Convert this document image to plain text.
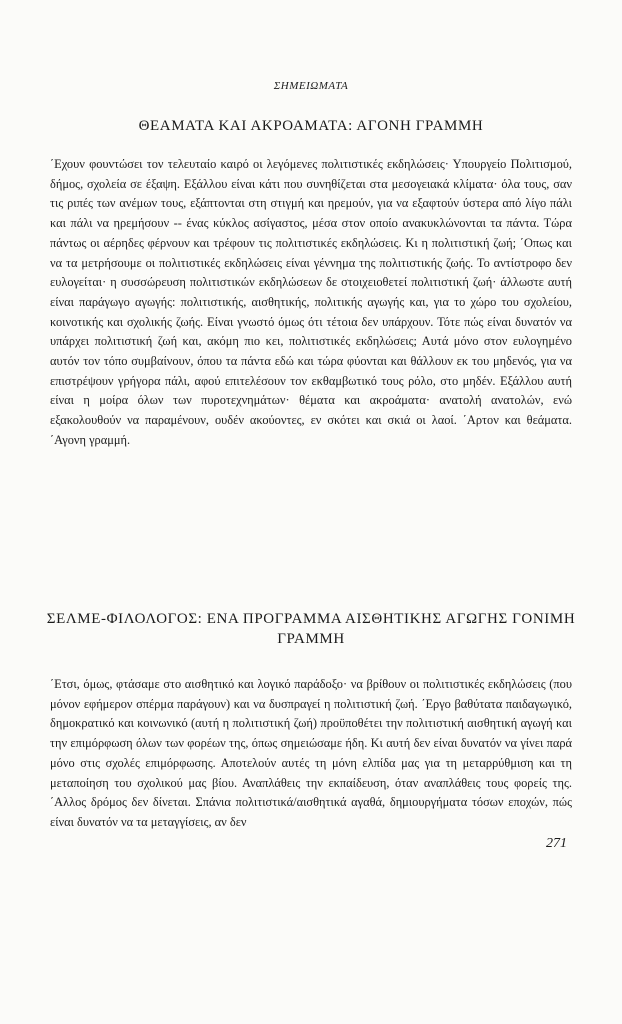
ΣΗΜΕΙΩΜΑΤΑ
ΘΕΑΜΑΤΑ ΚΑΙ ΑΚΡΟΑΜΑΤΑ: ΑΓΟΝΗ ΓΡΑΜΜΗ

΄Εχουν φουντώσει τον τελευταίο καιρό οι λεγόμενες πολιτιστικές εκδηλώσεις· Υπουργείο Πολιτισμού, δήμος, σχολεία σε έξαψη. Εξάλλου είναι κάτι που συνηθίζεται στα μεσογειακά κλίματα· όλα τους, σαν τις ριπές των ανέμων τους, εξάπτονται στη στιγμή και ηρεμούν, για να εξαφτούν ύστερα από λίγο πάλι και πάλι να ηρεμήσουν -- ένας κύκλος ασίγαστος, μέσα στον οποίο ανακυκλώνονται τα πάντα. Τώρα πάντως οι αέρηδες φέρνουν και τρέφουν τις πολιτιστικές εκδηλώσεις. Κι η πολιτιστική ζωή; ΄Οπως και να τα μετρήσουμε οι πολιτιστικές εκδηλώσεις είναι γέννημα της πολιτιστικής ζωής. Το αντίστροφο δεν ευλογείται· η συσσώρευση πολιτιστικών εκδηλώσεων δε στοιχειοθετεί πολιτιστική ζωή· άλλωστε αυτή είναι παράγωγο αγωγής: πολιτιστικής, αισθητικής, πολιτικής αγωγής και, για το χώρο του σχολείου, κοινοτικής και σχολικής ζωής. Είναι γνωστό όμως ότι τέτοια δεν υπάρχουν. Τότε πώς είναι δυνατόν να υπάρχει πολιτιστική ζωή και, ακόμη πιο κει, πολιτιστικές εκδηλώσεις; Αυτά μόνο στον ευλογημένο αυτόν τον τόπο συμβαίνουν, όπου τα πάντα εδώ και τώρα φύονται και θάλλουν εκ του μηδενός, για να επιστρέψουν γρήγορα πάλι, αφού επιτελέσουν τον εκθαμβωτικό τους ρόλο, στο μηδέν. Εξάλλου αυτή είναι η μοίρα όλων των πυροτεχνημάτων· θέματα και ακροάματα· ανατολή ανατολών, ενώ εξακολουθούν να παραμένουν, ουδέν ακούοντες, εν σκότει και σκιά οι λαοί. ΄Αρτον και θεάματα. ΄Αγονη γραμμή.

ΣΕΛΜΕ-ΦΙΛΟΛΟΓΟΣ: ΕΝΑ ΠΡΟΓΡΑΜΜΑ ΑΙΣΘΗΤΙΚΗΣ ΑΓΩΓΗΣ ΓΟΝΙΜΗ ΓΡΑΜΜΗ

΄Ετσι, όμως, φτάσαμε στο αισθητικό και λογικό παράδοξο· να βρίθουν οι πολιτιστικές εκδηλώσεις (που μόνον εφήμερον σπέρμα παράγουν) και να δυσπραγεί η πολιτιστική ζωή. ΄Εργο βαθύτατα παιδαγωγικό, δημοκρατικό και κοινωνικό (αυτή η πολιτιστική ζωή) προϋποθέτει την πολιτιστική αισθητική αγωγή και την επιμόρφωση όλων των φορέων της, όπως σημειώσαμε ήδη. Κι αυτή δεν είναι δυνατόν να γίνει παρά μόνο στις σχολές επιμόρφωσης. Αποτελούν αυτές τη μόνη ελπίδα μας για τη μεταρρύθμιση και τη μεταποίηση του σχολικού μας βίου. Αναπλάθεις την εκπαίδευση, όταν αναπλάθεις τους φορείς της. ΄Αλλος δρόμος δεν δίνεται. Σπάνια πολιτιστικά/αισθητικά αγαθά, δημιουργήματα τόσων εποχών, πώς είναι δυνατόν να τα μεταγγίσεις, αν δεν

271
